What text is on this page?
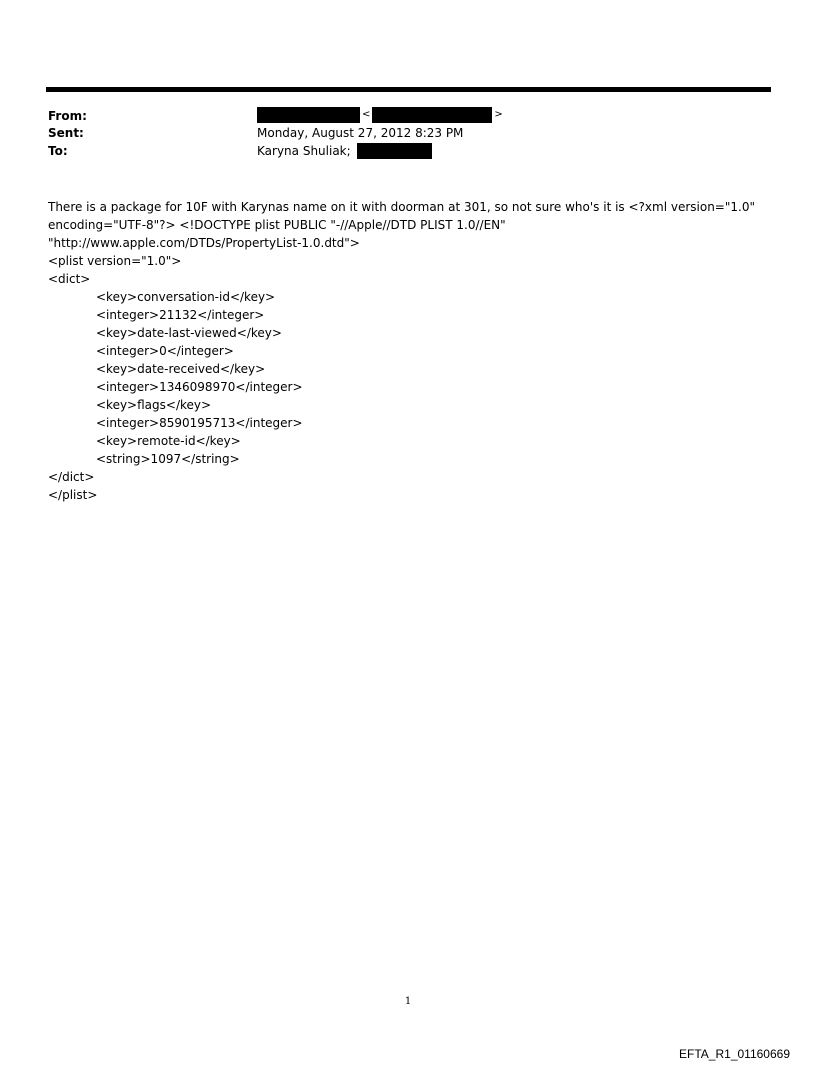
From:	<	>
Sent:	Monday, August 27, 2012 8:23 PM
To:	Karyna Shuliak;
There is a package for 10F with Karynas name on it with doorman at 301, so not sure who's it is <?xml version="1.0"
encoding="UTF-8"?> <!DOCTYPE plist PUBLIC "-//Apple//DTD PLIST 1.0//EN"
"http://www.apple.com/DTDs/PropertyList-1.0.dtd">
<plist version="1.0">
<dict>
<key>conversation-id</key>
<integer>21132</integer>
<key>date-last-viewed</key>
<integer>0</integer>
<key>date-received</key>
<integer>1346098970</integer>
<key>flags</key>
<integer>8590195713</integer>
<key>remote-id</key>
<string>1097</string>
</dict>
</plist>
1
EFTA_R1_01160669
